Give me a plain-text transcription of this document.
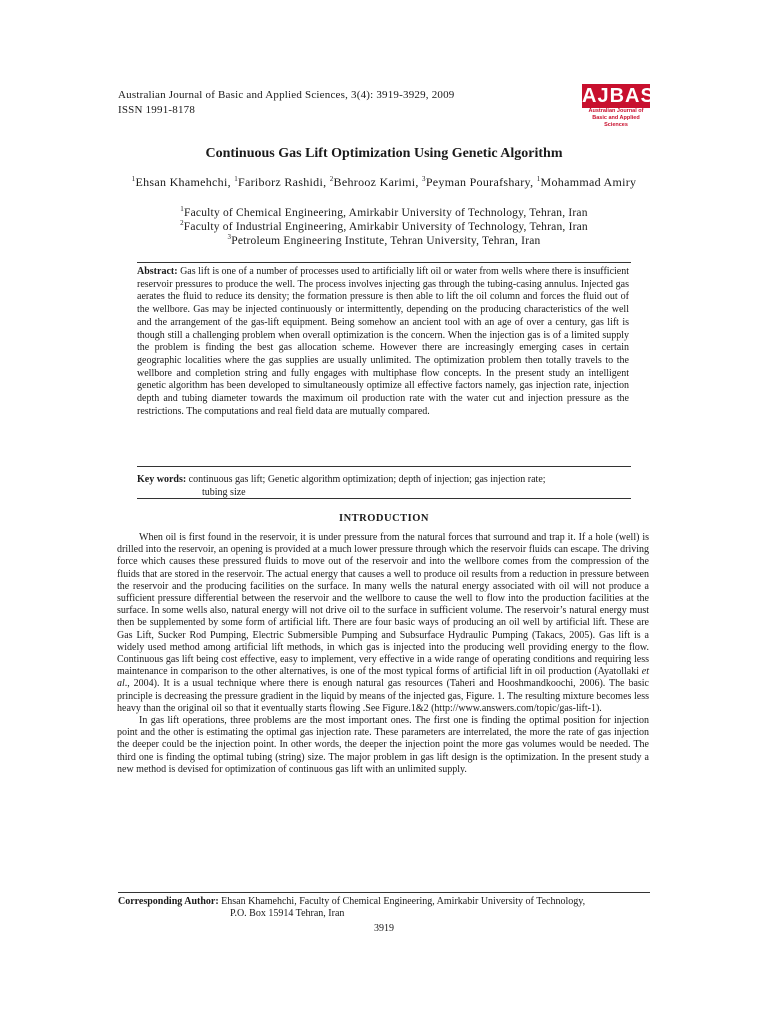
Australian Journal of Basic and Applied Sciences, 3(4): 3919-3929, 2009
ISSN 1991-8178
AJBAS
Australian Journal of
Basic and Applied Sciences
Continuous Gas Lift Optimization Using Genetic Algorithm
$^1$Ehsan Khamehchi, $^1$Fariborz Rashidi, $^2$Behrooz Karimi, $^3$Peyman Pourafshary, $^1$Mohammad Amiry
$^1$Faculty of Chemical Engineering, Amirkabir University of Technology, Tehran, Iran
$^2$Faculty of Industrial Engineering, Amirkabir University of Technology, Tehran, Iran
$^3$Petroleum Engineering Institute, Tehran University, Tehran, Iran
Abstract: Gas lift is one of a number of processes used to artificially lift oil or water from wells where there is insufficient reservoir pressures to produce the well. The process involves injecting gas through the tubing-casing annulus. Injected gas aerates the fluid to reduce its density; the formation pressure is then able to lift the oil column and forces the fluid out of the wellbore. Gas may be injected continuously or intermittently, depending on the producing characteristics of the well and the arrangement of the gas-lift equipment. Being somehow an ancient tool with an age of over a century, gas lift is though still a challenging problem when overall optimization is the concern. When the injection gas is of a limited supply the problem is finding the best gas allocation scheme. However there are increasingly emerging cases in certain geographic localities where the gas supplies are usually unlimited. The optimization problem then totally travels to the wellbore and completion string and fully engages with multiphase flow concepts. In the present study an intelligent genetic algorithm has been developed to simultaneously optimize all effective factors namely, gas injection rate, injection depth and tubing diameter towards the maximum oil production rate with the water cut and injection pressure as the restrictions. The computations and real field data are mutually compared.
Key words: continuous gas lift; Genetic algorithm optimization; depth of injection; gas injection rate;
tubing size
INTRODUCTION

When oil is first found in the reservoir, it is under pressure from the natural forces that surround and trap it. If a hole (well) is drilled into the reservoir, an opening is provided at a much lower pressure through which the reservoir fluids can escape. The driving force which causes these pressured fluids to move out of the reservoir and into the wellbore comes from the compression of the fluids that are stored in the reservoir. The actual energy that causes a well to produce oil results from a reduction in pressure between the reservoir and the producing facilities on the surface. In many wells the natural energy associated with oil will not produce a sufficient pressure differential between the reservoir and the wellbore to cause the well to flow into the production facilities at the surface. In some wells also, natural energy will not drive oil to the surface in sufficient volume. The reservoir’s natural energy must then be supplemented by some form of artificial lift. There are four basic ways of producing an oil well by artificial lift. These are Gas Lift, Sucker Rod Pumping, Electric Submersible Pumping and Subsurface Hydraulic Pumping (Takacs, 2005). Gas lift is a widely used method among artificial lift methods, in which gas is injected into the producing well providing energy to the flow. Continuous gas lift being cost effective, easy to implement, very effective in a wide range of operating conditions and requiring less maintenance in comparison to the other alternatives, is one of the most typical forms of artificial lift in oil production (Ayatollaki et al., 2004). It is a usual technique where there is enough natural gas resources (Taheri and Hooshmandkoochi, 2006). The basic principle is decreasing the pressure gradient in the liquid by means of the injected gas, Figure. 1. The resulting mixture becomes less heavy than the original oil so that it eventually starts flowing .See Figure.1&2 (http://www.answers.com/topic/gas-lift-1).

In gas lift operations, three problems are the most important ones. The first one is finding the optimal position for injection point and the other is estimating the optimal gas injection rate. These parameters are interrelated, the more the rate of gas injection the deeper could be the injection point. In other words, the deeper the injection point the more gas volumes would be needed. The third one is finding the optimal tubing (string) size. The major problem in gas lift design is the optimization. In the present study a new method is devised for optimization of continuous gas lift with an unlimited supply.

Corresponding Author: Ehsan Khamehchi, Faculty of Chemical Engineering, Amirkabir University of Technology,
P.O. Box 15914 Tehran, Iran
3919
